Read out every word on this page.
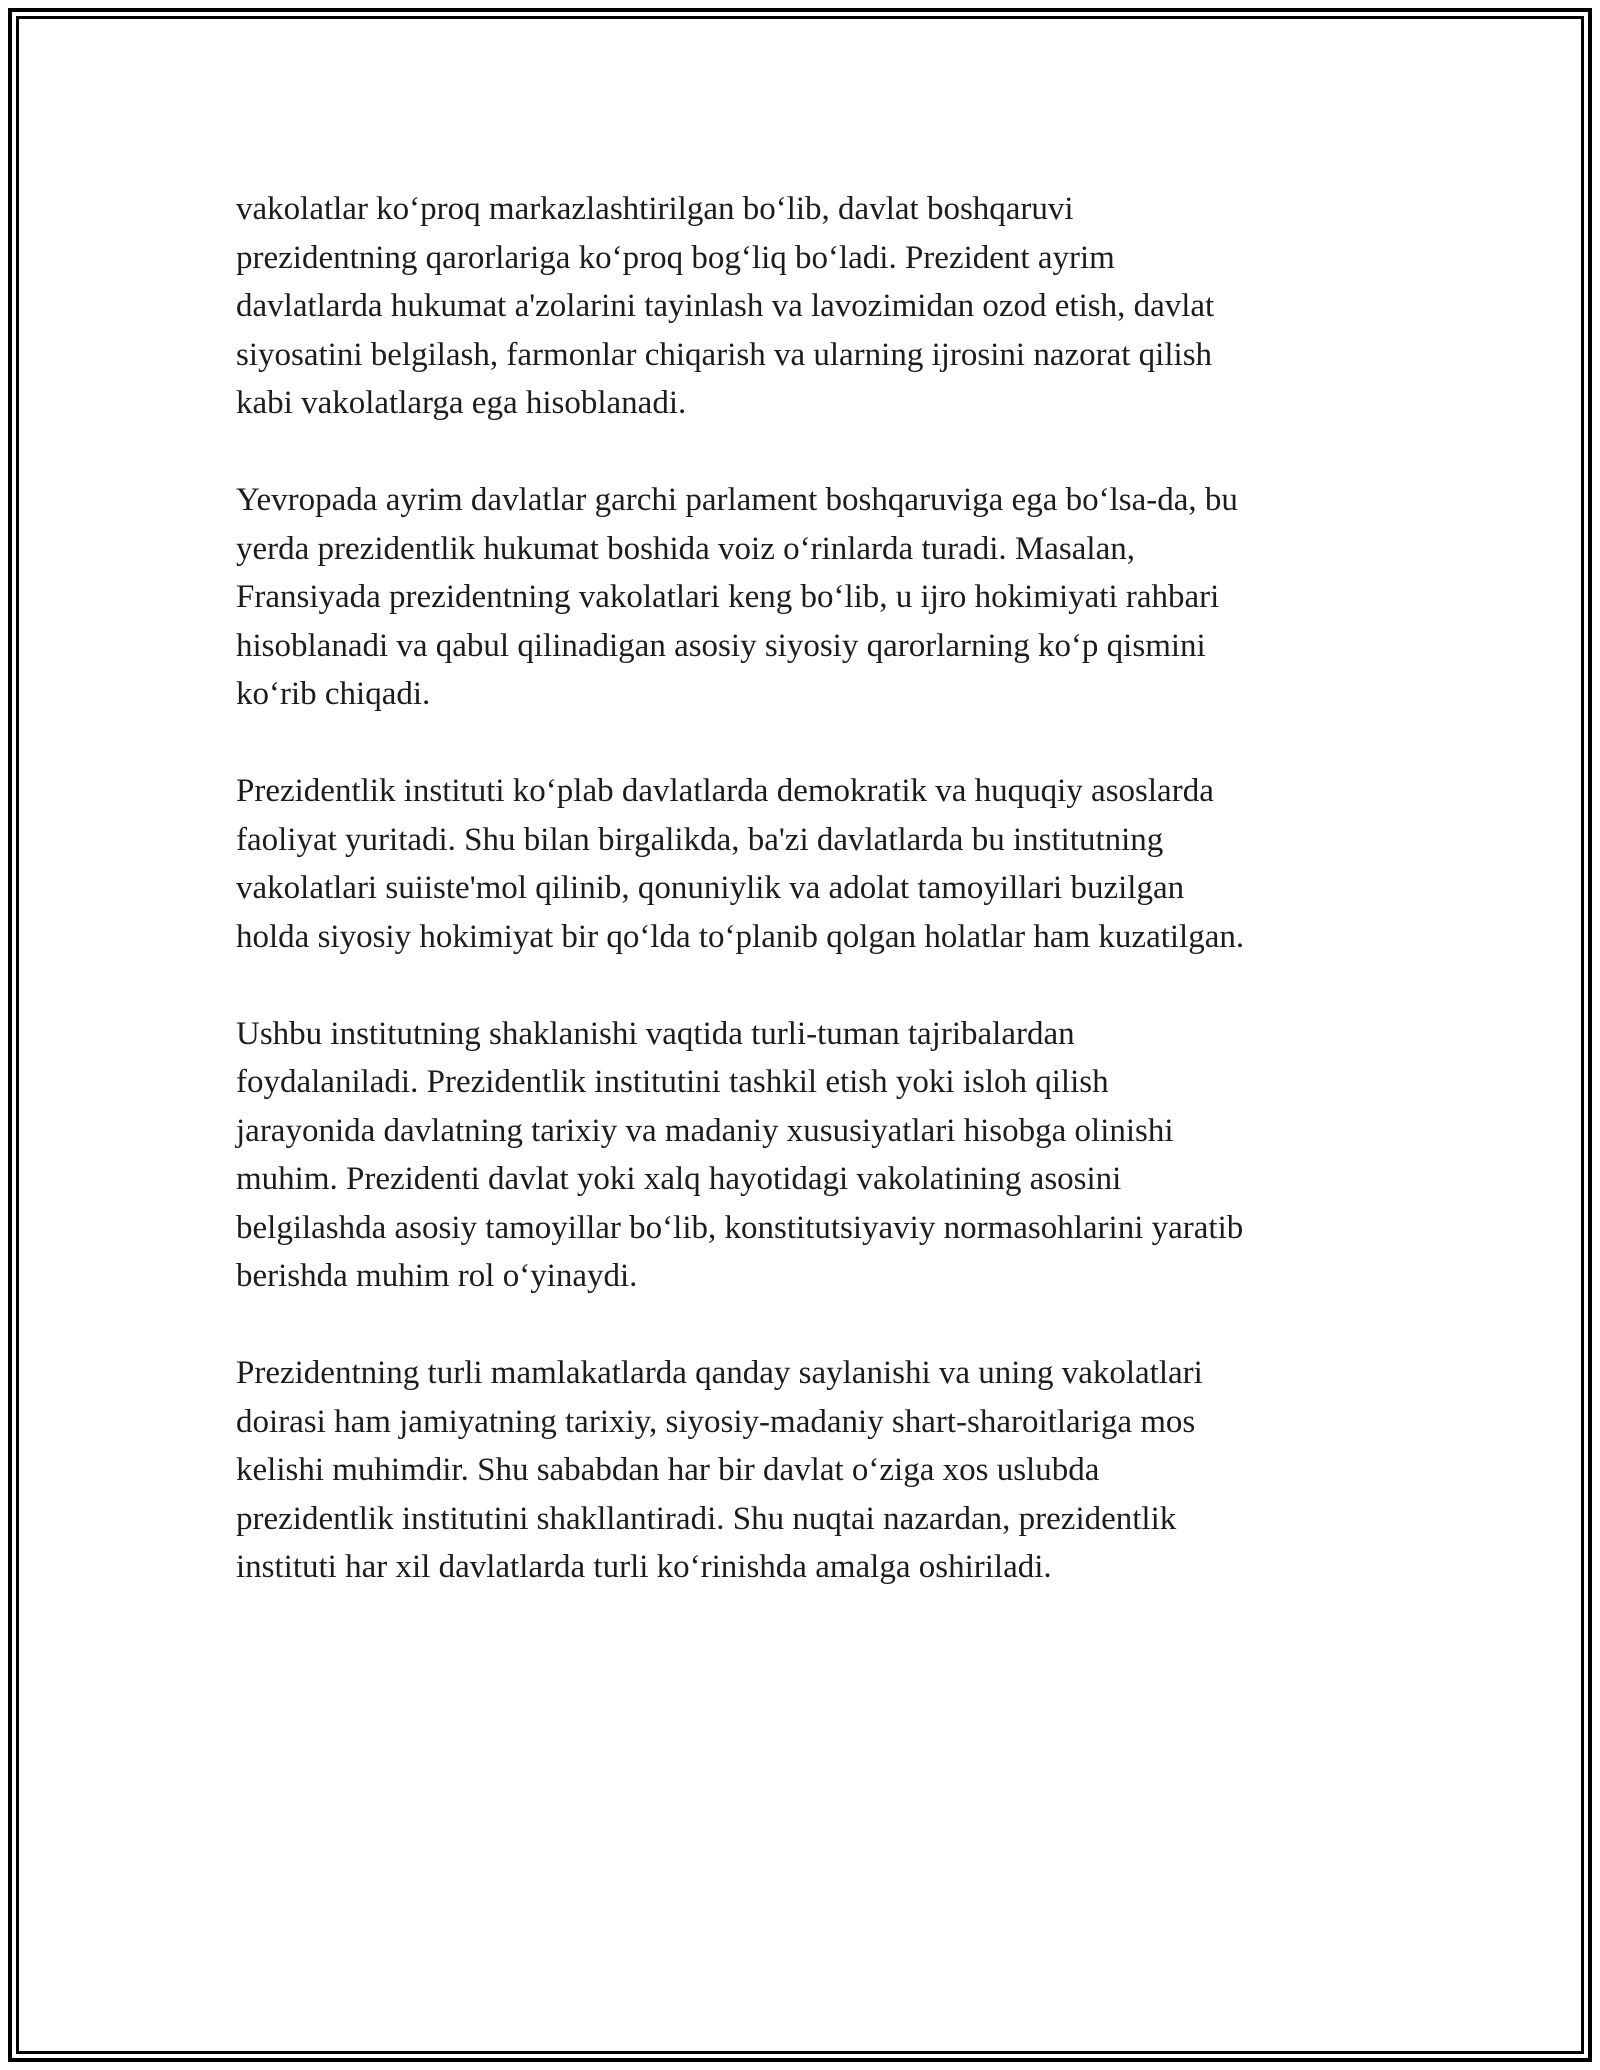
vakolatlar ko‘proq markazlashtirilgan bo‘lib, davlat boshqaruvi
prezidentning qarorlariga ko‘proq bog‘liq bo‘ladi. Prezident ayrim
davlatlarda hukumat a'zolarini tayinlash va lavozimidan ozod etish, davlat
siyosatini belgilash, farmonlar chiqarish va ularning ijrosini nazorat qilish
kabi vakolatlarga ega hisoblanadi.

Yevropada ayrim davlatlar garchi parlament boshqaruviga ega bo‘lsa-da, bu
yerda prezidentlik hukumat boshida voiz o‘rinlarda turadi. Masalan,
Fransiyada prezidentning vakolatlari keng bo‘lib, u ijro hokimiyati rahbari
hisoblanadi va qabul qilinadigan asosiy siyosiy qarorlarning ko‘p qismini
ko‘rib chiqadi.

Prezidentlik instituti ko‘plab davlatlarda demokratik va huquqiy asoslarda
faoliyat yuritadi. Shu bilan birgalikda, ba'zi davlatlarda bu institutning
vakolatlari suiiste'mol qilinib, qonuniylik va adolat tamoyillari buzilgan
holda siyosiy hokimiyat bir qo‘lda to‘planib qolgan holatlar ham kuzatilgan.

Ushbu institutning shaklanishi vaqtida turli-tuman tajribalardan
foydalaniladi. Prezidentlik institutini tashkil etish yoki isloh qilish
jarayonida davlatning tarixiy va madaniy xususiyatlari hisobga olinishi
muhim. Prezidenti davlat yoki xalq hayotidagi vakolatining asosini
belgilashda asosiy tamoyillar bo‘lib, konstitutsiyaviy normasohlarini yaratib
berishda muhim rol o‘yinaydi.

Prezidentning turli mamlakatlarda qanday saylanishi va uning vakolatlari
doirasi ham jamiyatning tarixiy, siyosiy-madaniy shart-sharoitlariga mos
kelishi muhimdir. Shu sababdan har bir davlat o‘ziga xos uslubda
prezidentlik institutini shakllantiradi. Shu nuqtai nazardan, prezidentlik
instituti har xil davlatlarda turli ko‘rinishda amalga oshiriladi.
